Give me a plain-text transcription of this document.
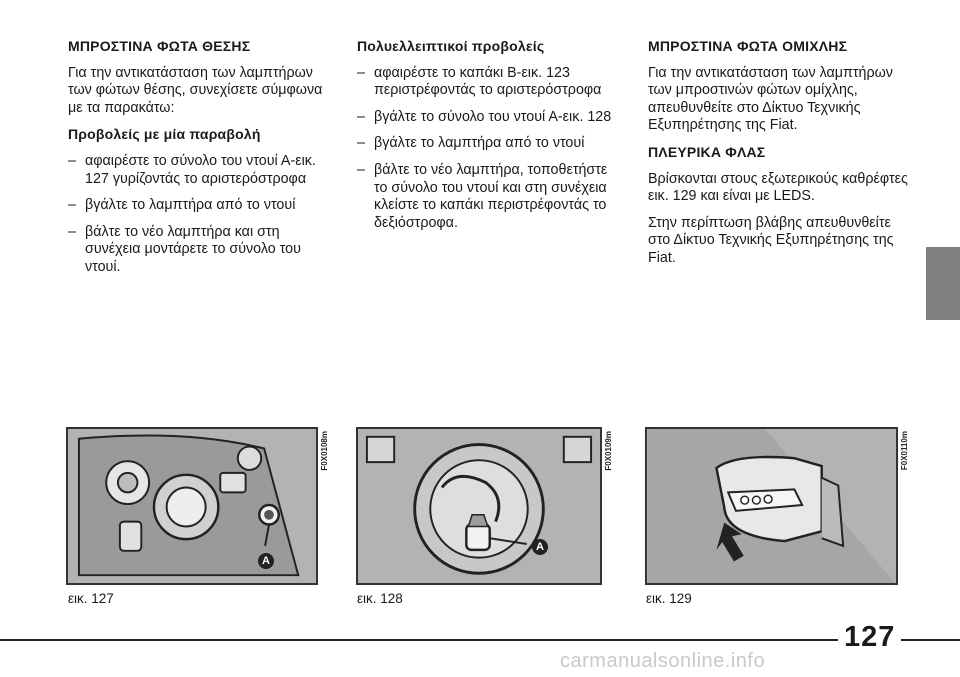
ΜΠΡΟΣΤΙΝΑ ΦΩΤΑ ΘΕΣΗΣ

Για την αντικατάσταση των λαμπτήρων των φώτων θέσης, συνεχίσετε σύμφωνα με τα παρακάτω:

Προβολείς με μία παραβολή
– αφαιρέστε το σύνολο του ντουί Α-εικ. 127 γυρίζοντάς το αριστερόστροφα
– βγάλτε το λαμπτήρα από το ντουί
– βάλτε το νέο λαμπτήρα και στη συνέχεια μοντάρετε το σύνολο του ντουί.
Πολυελλειπτικοί προβολείς
– αφαιρέστε το καπάκι Β-εικ. 123 περιστρέφοντάς το αριστερόστροφα
– βγάλτε το σύνολο του ντουί Α-εικ. 128
– βγάλτε το λαμπτήρα από το ντουί
– βάλτε το νέο λαμπτήρα, τοποθετήστε το σύνολο του ντουί και στη συνέχεια κλείστε το καπάκι περιστρέφοντάς το δεξιόστροφα.
ΜΠΡΟΣΤΙΝΑ ΦΩΤΑ ΟΜΙΧΛΗΣ

Για την αντικατάσταση των λαμπτήρων των μπροστινών φώτων ομίχλης, απευθυνθείτε στο Δίκτυο Τεχνικής Εξυπηρέτησης της Fiat.

ΠΛΕΥΡΙΚΑ ΦΛΑΣ

Βρίσκονται στους εξωτερικούς καθρέφτες εικ. 129 και είναι με LEDS.

Στην περίπτωση βλάβης απευθυνθείτε στο Δίκτυο Τεχνικής Εξυπηρέτησης της Fiat.

A
F0X0108m
εικ. 127
A
F0X0109m
εικ. 128
F0X0110m
εικ. 129
127
carmanualsonline.info
